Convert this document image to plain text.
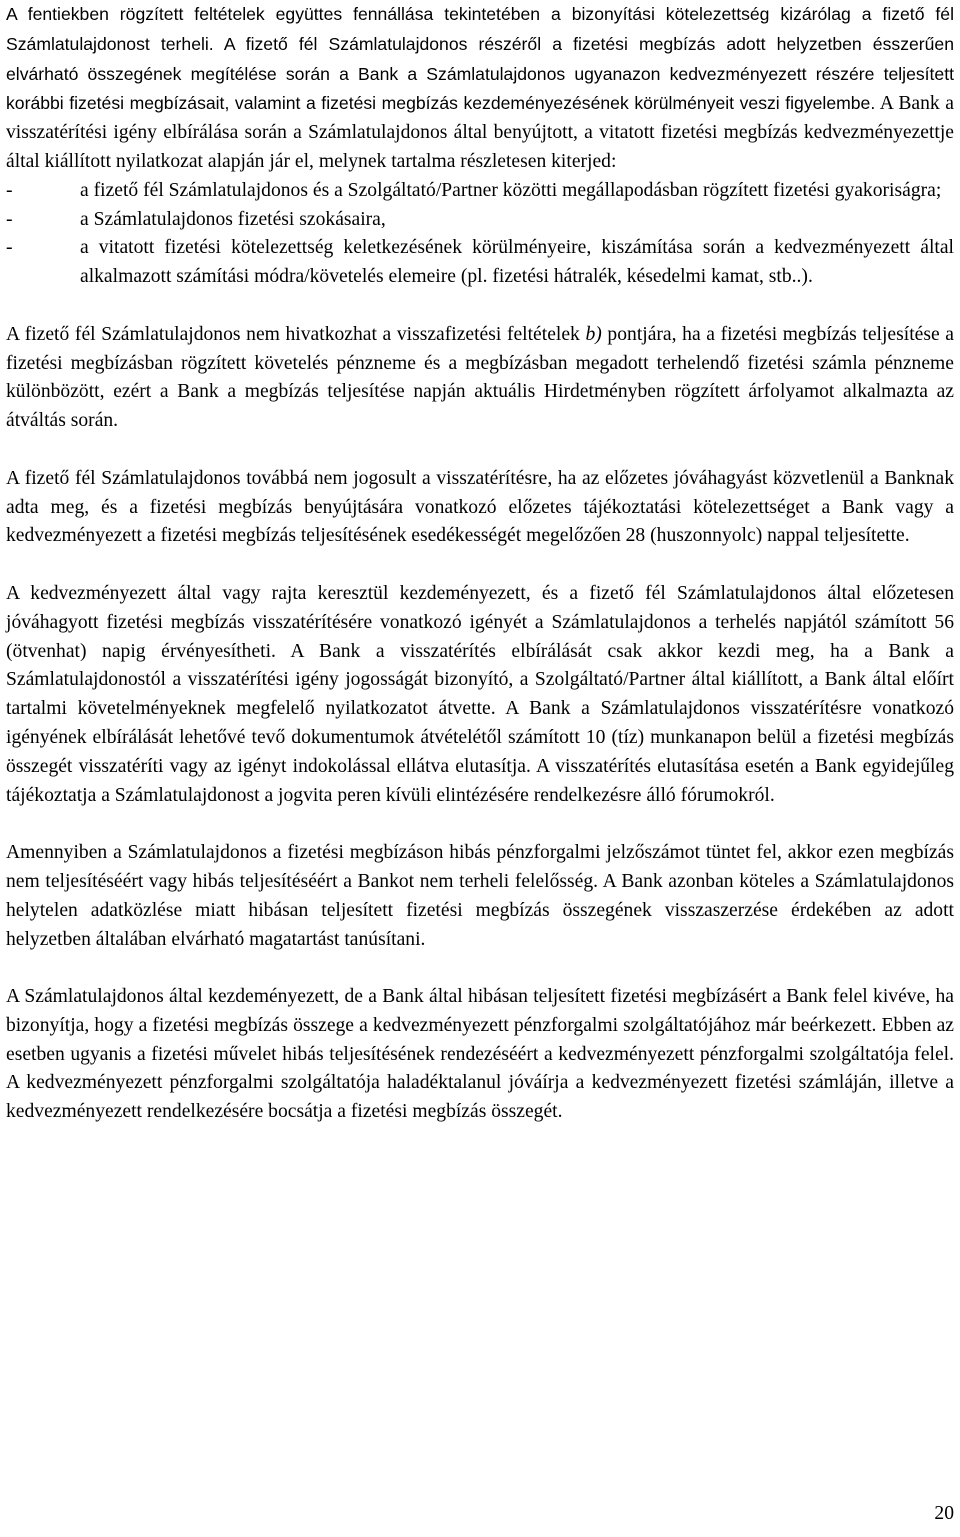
A fentiekben rögzített feltételek együttes fennállása tekintetében a bizonyítási kötelezettség kizárólag a fizető fél Számlatulajdonost terheli. A fizető fél Számlatulajdonos részéről a fizetési megbízás adott helyzetben ésszerűen elvárható összegének megítélése során a Bank a Számlatulajdonos ugyanazon kedvezményezett részére teljesített korábbi fizetési megbízásait, valamint a fizetési megbízás kezdeményezésének körülményeit veszi figyelembe. A Bank a visszatérítési igény elbírálása során a Számlatulajdonos által benyújtott, a vitatott fizetési megbízás kedvezményezettje által kiállított nyilatkozat alapján jár el, melynek tartalma részletesen kiterjed:

-	a fizető fél Számlatulajdonos és a Szolgáltató/Partner közötti megállapodásban rögzített fizetési gyakoriságra;
-	a Számlatulajdonos fizetési szokásaira,
-	a vitatott fizetési kötelezettség keletkezésének körülményeire, kiszámítása során a kedvezményezett által alkalmazott számítási módra/követelés elemeire (pl. fizetési hátralék, késedelmi kamat, stb..).

A fizető fél Számlatulajdonos nem hivatkozhat a visszafizetési feltételek b) pontjára, ha a fizetési megbízás teljesítése a fizetési megbízásban rögzített követelés pénzneme és a megbízásban megadott terhelendő fizetési számla pénzneme különbözött, ezért a Bank a megbízás teljesítése napján aktuális Hirdetményben rögzített árfolyamot alkalmazta az átváltás során.

A fizető fél Számlatulajdonos továbbá nem jogosult a visszatérítésre, ha az előzetes jóváhagyást közvetlenül a Banknak adta meg, és a fizetési megbízás benyújtására vonatkozó előzetes tájékoztatási kötelezettséget a Bank vagy a kedvezményezett a fizetési megbízás teljesítésének esedékességét megelőzően 28 (huszonnyolc) nappal teljesítette.

A kedvezményezett által vagy rajta keresztül kezdeményezett, és a fizető fél Számlatulajdonos által előzetesen jóváhagyott fizetési megbízás visszatérítésére vonatkozó igényét a Számlatulajdonos a terhelés napjától számított 56 (ötvenhat) napig érvényesítheti. A Bank a visszatérítés elbírálását csak akkor kezdi meg, ha a Bank a Számlatulajdonostól a visszatérítési igény jogosságát bizonyító, a Szolgáltató/Partner által kiállított, a Bank által előírt tartalmi követelményeknek megfelelő nyilatkozatot átvette. A Bank a Számlatulajdonos visszatérítésre vonatkozó igényének elbírálását lehetővé tevő dokumentumok átvételétől számított 10 (tíz) munkanapon belül a fizetési megbízás összegét visszatéríti vagy az igényt indokolással ellátva elutasítja. A visszatérítés elutasítása esetén a Bank egyidejűleg tájékoztatja a Számlatulajdonost a jogvita peren kívüli elintézésére rendelkezésre álló fórumokról.

Amennyiben a Számlatulajdonos a fizetési megbízáson hibás pénzforgalmi jelzőszámot tüntet fel, akkor ezen megbízás nem teljesítéséért vagy hibás teljesítéséért a Bankot nem terheli felelősség. A Bank azonban köteles a Számlatulajdonos helytelen adatközlése miatt hibásan teljesített fizetési megbízás összegének visszaszerzése érdekében az adott helyzetben általában elvárható magatartást tanúsítani.

A Számlatulajdonos által kezdeményezett, de a Bank által hibásan teljesített fizetési megbízásért a Bank felel kivéve, ha bizonyítja, hogy a fizetési megbízás összege a kedvezményezett pénzforgalmi szolgáltatójához már beérkezett. Ebben az esetben ugyanis a fizetési művelet hibás teljesítésének rendezéséért a kedvezményezett pénzforgalmi szolgáltatója felel. A kedvezményezett pénzforgalmi szolgáltatója haladéktalanul jóváírja a kedvezményezett fizetési számláján, illetve a kedvezményezett rendelkezésére bocsátja a fizetési megbízás összegét.

20
